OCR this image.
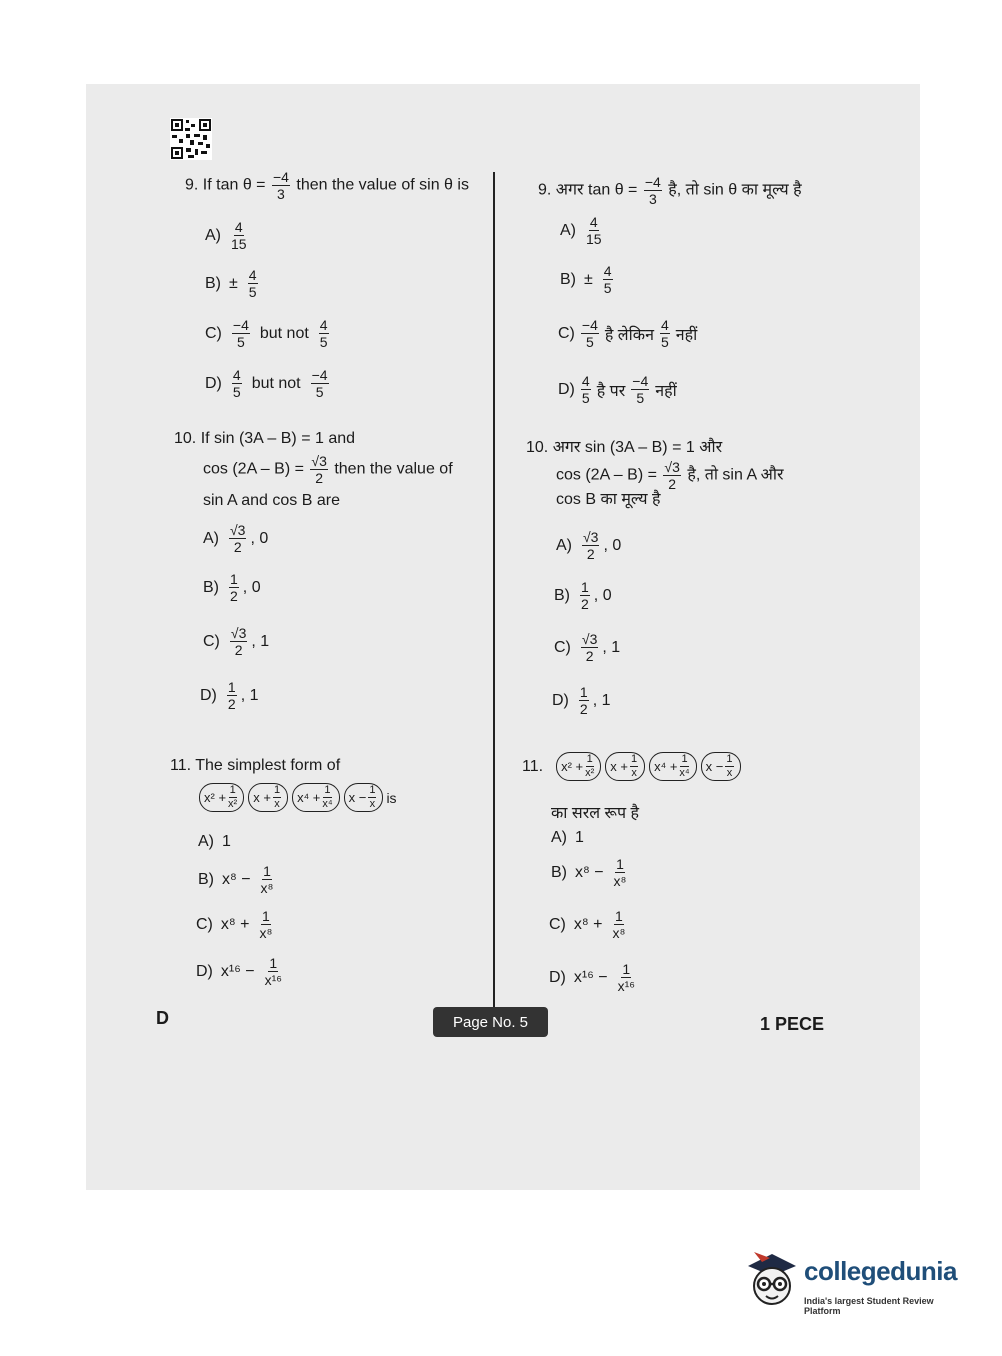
9. If $\tan \theta = \frac{-4}{3}$ then the value of sin θ is
$A) \frac{4}{15}$
$B) \pm \frac{4}{5}$
$C) \frac{-4}{5}$ but not $\frac{4}{5}$
$D) \frac{4}{5}$ but not $\frac{-4}{5}$
10. If sin (3A – B) = 1 and
$\cos (2A - B) = \frac{√3}{2}$ then the value of
sin A and cos B are
$A) \frac{√3}{2}$ , 0
$B) \frac{1}{2}$ , 0
$C) \frac{√3}{2}$ , 1
$D) \frac{1}{2}$ , 1
11. The simplest form of
$x^2 + \frac{1}{\text{x²}}$ $x + \frac{1}{x} x^4 + \frac{1}{\text{x⁴}}$ $x - \frac{1}{x}$ is
A) 1
B) $x^8 - \frac{1}{\text{x⁸}}$
C) $x^8 + \frac{1}{\text{x⁸}}$
D) $x^{16} - \frac{1}{\text{x¹⁶}}$
9. अगर $\tan \theta = \frac{-4}{3}$ है, तो sin θ का मूल्य है
$A) \frac{4}{15}$
$B) \pm \frac{4}{5}$
$C) \frac{-4}{5}$ है लेकिन $\frac{4}{5}$ नहीं
$D) \frac{4}{5}$ है पर $\frac{-4}{5}$ नहीं
10. अगर sin (3A – B) = 1 और
$\cos (2A - B) = \frac{√3}{2}$ है, तो sin A और
cos B का मूल्य है
$A) \frac{√3}{2}$ , 0
$B) \frac{1}{2}$ , 0
$C) \frac{√3}{2}$ , 1
$D) \frac{1}{2}$ , 1
11. $x^2 + \frac{1}{\text{x²}}$ $x + \frac{1}{x} x^4 + \frac{1}{\text{x⁴}}$ $x - \frac{1}{x}$
का सरल रूप है
A) 1
B) $x^8 - \frac{1}{\text{x⁸}}$
C) $x^8 + \frac{1}{\text{x⁸}}$
D) $x^{16} - \frac{1}{\text{x¹⁶}}$
D	Page No. 5	1 PECE
collegedunia
India's largest Student Review Platform
